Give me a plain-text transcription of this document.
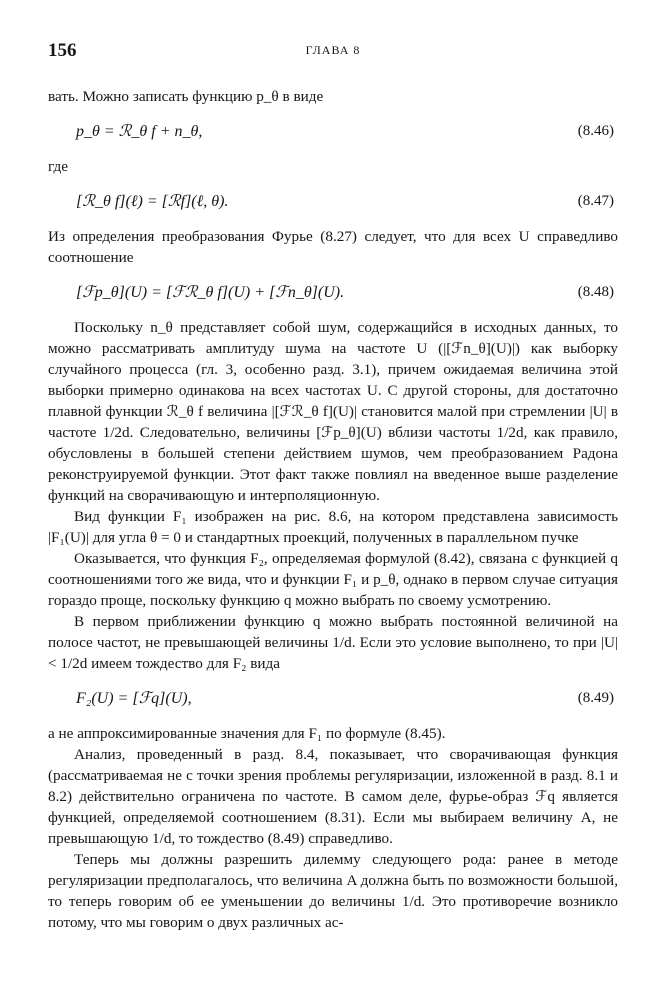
156	ГЛАВА 8

вать. Можно записать функцию p_θ в виде

p_θ = ℛ_θ f + n_θ,	(8.46)

где

[ℛ_θ f](ℓ) = [ℛf](ℓ, θ).	(8.47)

Из определения преобразования Фурье (8.27) следует, что для всех U справедливо соотношение

[ℱp_θ](U) = [ℱℛ_θ f](U) + [ℱn_θ](U).	(8.48)

Поскольку n_θ представляет собой шум, содержащийся в исходных данных, то можно рассматривать амплитуду шума на частоте U (|[ℱn_θ](U)|) как выборку случайного процесса (гл. 3, особенно разд. 3.1), причем ожидаемая величина этой выборки примерно одинакова на всех частотах U. С другой стороны, для достаточно плавной функции ℛ_θ f величина |[ℱℛ_θ f](U)| становится малой при стремлении |U| в частоте 1/2d. Следовательно, величины [ℱp_θ](U) вблизи частоты 1/2d, как правило, обусловлены в большей степени действием шумов, чем преобразованием Радона реконструируемой функции. Этот факт также повлиял на введенное выше разделение функций на сворачивающую и интерполяционную.

Вид функции F₁ изображен на рис. 8.6, на котором представлена зависимость |F₁(U)| для угла θ = 0 и стандартных проекций, полученных в параллельном пучке

Оказывается, что функция F₂, определяемая формулой (8.42), связана с функцией q соотношениями того же вида, что и функции F₁ и p_θ, однако в первом случае ситуация гораздо проще, поскольку функцию q можно выбрать по своему усмотрению.

В первом приближении функцию q можно выбрать постоянной величиной на полосе частот, не превышающей величины 1/d. Если это условие выполнено, то при |U| < 1/2d имеем тождество для F₂ вида

F₂(U) = [ℱq](U),	(8.49)

а не аппроксимированные значения для F₁ по формуле (8.45).

Анализ, проведенный в разд. 8.4, показывает, что сворачивающая функция (рассматриваемая не с точки зрения проблемы регуляризации, изложенной в разд. 8.1 и 8.2) действительно ограничена по частоте. В самом деле, фурье-образ ℱq является функцией, определяемой соотношением (8.31). Если мы выбираем величину A, не превышающую 1/d, то тождество (8.49) справедливо.

Теперь мы должны разрешить дилемму следующего рода: ранее в методе регуляризации предполагалось, что величина A должна быть по возможности большой, то теперь говорим об ее уменьшении до величины 1/d. Это противоречие возникло потому, что мы говорим о двух различных ас-
